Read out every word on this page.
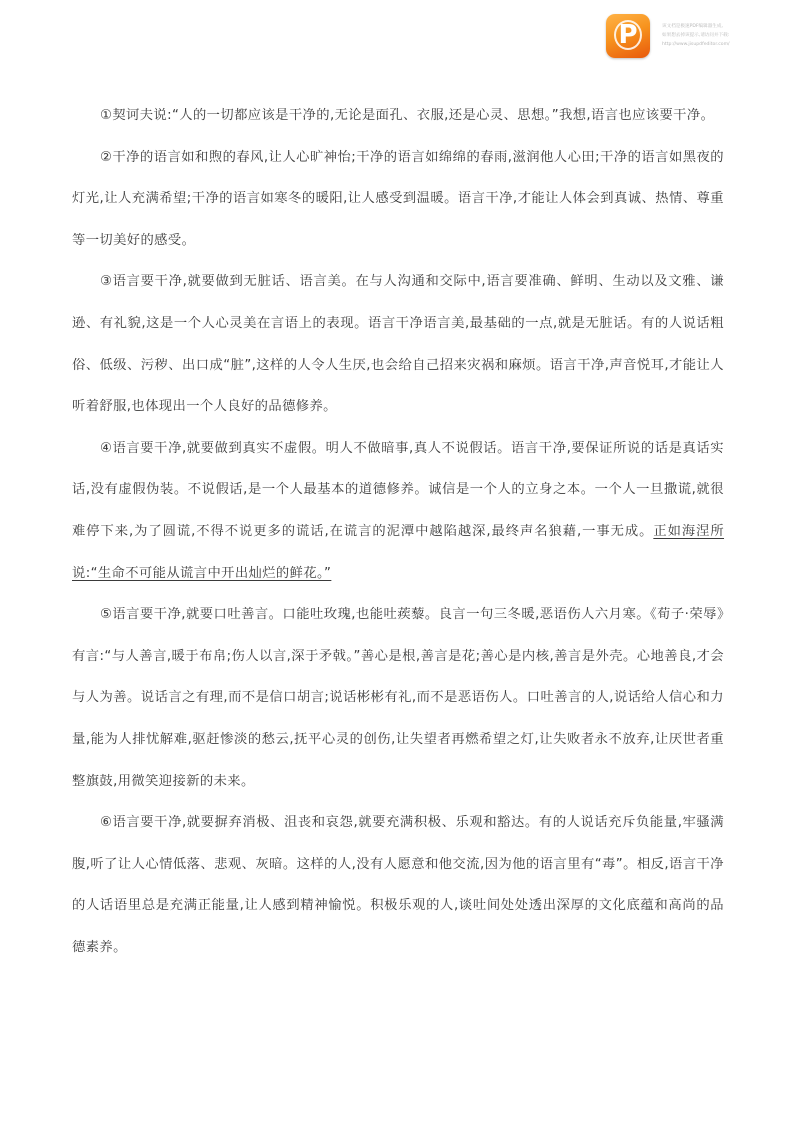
P	该文档是极速PDF编辑器生成,
如果想去掉该提示,请访问并下载:
http://www.jisupdfeditor.com/

①契诃夫说:“人的一切都应该是干净的,无论是面孔、衣服,还是心灵、思想。”我想,语言也应该要干净。

②干净的语言如和煦的春风,让人心旷神怡;干净的语言如绵绵的春雨,滋润他人心田;干净的语言如黑夜的灯光,让人充满希望;干净的语言如寒冬的暖阳,让人感受到温暖。语言干净,才能让人体会到真诚、热情、尊重等一切美好的感受。

③语言要干净,就要做到无脏话、语言美。在与人沟通和交际中,语言要准确、鲜明、生动以及文雅、谦逊、有礼貌,这是一个人心灵美在言语上的表现。语言干净语言美,最基础的一点,就是无脏话。有的人说话粗俗、低级、污秽、出口成“脏”,这样的人令人生厌,也会给自己招来灾祸和麻烦。语言干净,声音悦耳,才能让人听着舒服,也体现出一个人良好的品德修养。

④语言要干净,就要做到真实不虚假。明人不做暗事,真人不说假话。语言干净,要保证所说的话是真话实话,没有虚假伪装。不说假话,是一个人最基本的道德修养。诚信是一个人的立身之本。一个人一旦撒谎,就很难停下来,为了圆谎,不得不说更多的谎话,在谎言的泥潭中越陷越深,最终声名狼藉,一事无成。正如海涅所说:“生命不可能从谎言中开出灿烂的鲜花。”

⑤语言要干净,就要口吐善言。口能吐玫瑰,也能吐蒺藜。良言一句三冬暖,恶语伤人六月寒。《荀子·荣辱》有言:“与人善言,暖于布帛;伤人以言,深于矛戟。”善心是根,善言是花;善心是内核,善言是外壳。心地善良,才会与人为善。说话言之有理,而不是信口胡言;说话彬彬有礼,而不是恶语伤人。口吐善言的人,说话给人信心和力量,能为人排忧解难,驱赶惨淡的愁云,抚平心灵的创伤,让失望者再燃希望之灯,让失败者永不放弃,让厌世者重整旗鼓,用微笑迎接新的未来。

⑥语言要干净,就要摒弃消极、沮丧和哀怨,就要充满积极、乐观和豁达。有的人说话充斥负能量,牢骚满腹,听了让人心情低落、悲观、灰暗。这样的人,没有人愿意和他交流,因为他的语言里有“毒”。相反,语言干净的人话语里总是充满正能量,让人感到精神愉悦。积极乐观的人,谈吐间处处透出深厚的文化底蕴和高尚的品德素养。
